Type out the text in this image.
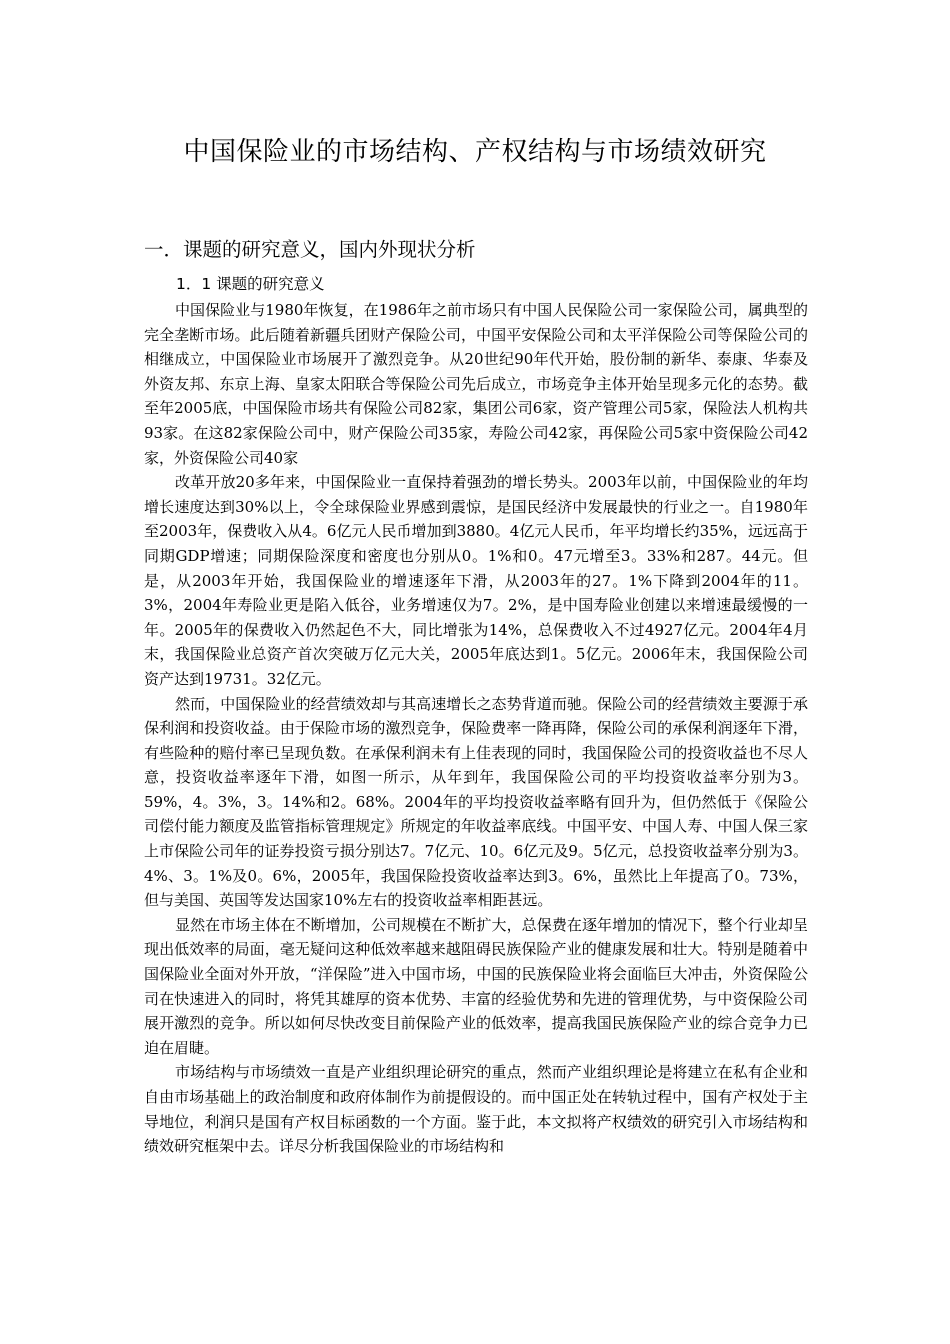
中国保险业的市场结构、产权结构与市场绩效研究
一．课题的研究意义，国内外现状分析
1．1 课题的研究意义

中国保险业与1980年恢复，在1986年之前市场只有中国人民保险公司一家保险公司，属典型的完全垄断市场。此后随着新疆兵团财产保险公司，中国平安保险公司和太平洋保险公司等保险公司的相继成立，中国保险业市场展开了激烈竞争。从20世纪90年代开始，股份制的新华、泰康、华泰及外资友邦、东京上海、皇家太阳联合等保险公司先后成立，市场竞争主体开始呈现多元化的态势。截至年2005底，中国保险市场共有保险公司82家，集团公司6家，资产管理公司5家，保险法人机构共93家。在这82家保险公司中，财产保险公司35家，寿险公司42家，再保险公司5家中资保险公司42家，外资保险公司40家

改革开放20多年来，中国保险业一直保持着强劲的增长势头。2003年以前，中国保险业的年均增长速度达到30%以上，令全球保险业界感到震惊，是国民经济中发展最快的行业之一。自1980年至2003年，保费收入从4。6亿元人民币增加到3880。4亿元人民币，年平均增长约35%，远远高于同期GDP增速；同期保险深度和密度也分别从0。1%和0。47元增至3。33%和287。44元。但是，从2003年开始，我国保险业的增速逐年下滑，从2003年的27。1%下降到2004年的11。3%，2004年寿险业更是陷入低谷，业务增速仅为7。2%，是中国寿险业创建以来增速最缓慢的一年。2005年的保费收入仍然起色不大，同比增张为14%，总保费收入不过4927亿元。2004年4月末，我国保险业总资产首次突破万亿元大关，2005年底达到1。5亿元。2006年末，我国保险公司资产达到19731。32亿元。

然而，中国保险业的经营绩效却与其高速增长之态势背道而驰。保险公司的经营绩效主要源于承保利润和投资收益。由于保险市场的激烈竞争，保险费率一降再降，保险公司的承保利润逐年下滑，有些险种的赔付率已呈现负数。在承保利润未有上佳表现的同时，我国保险公司的投资收益也不尽人意，投资收益率逐年下滑，如图一所示，从年到年，我国保险公司的平均投资收益率分别为3。59%，4。3%，3。14%和2。68%。2004年的平均投资收益率略有回升为，但仍然低于《保险公司偿付能力额度及监管指标管理规定》所规定的年收益率底线。中国平安、中国人寿、中国人保三家上市保险公司年的证券投资亏损分别达7。7亿元、10。6亿元及9。5亿元，总投资收益率分别为3。4%、3。1%及0。6%，2005年，我国保险投资收益率达到3。6%，虽然比上年提高了0。73%，但与美国、英国等发达国家10%左右的投资收益率相距甚远。

显然在市场主体在不断增加，公司规模在不断扩大，总保费在逐年增加的情况下，整个行业却呈现出低效率的局面，毫无疑问这种低效率越来越阻碍民族保险产业的健康发展和壮大。特别是随着中国保险业全面对外开放，“洋保险”进入中国市场，中国的民族保险业将会面临巨大冲击，外资保险公司在快速进入的同时，将凭其雄厚的资本优势、丰富的经验优势和先进的管理优势，与中资保险公司展开激烈的竞争。所以如何尽快改变目前保险产业的低效率，提高我国民族保险产业的综合竞争力已迫在眉睫。

市场结构与市场绩效一直是产业组织理论研究的重点，然而产业组织理论是将建立在私有企业和自由市场基础上的政治制度和政府体制作为前提假设的。而中国正处在转轨过程中，国有产权处于主导地位，利润只是国有产权目标函数的一个方面。鉴于此，本文拟将产权绩效的研究引入市场结构和绩效研究框架中去。详尽分析我国保险业的市场结构和
